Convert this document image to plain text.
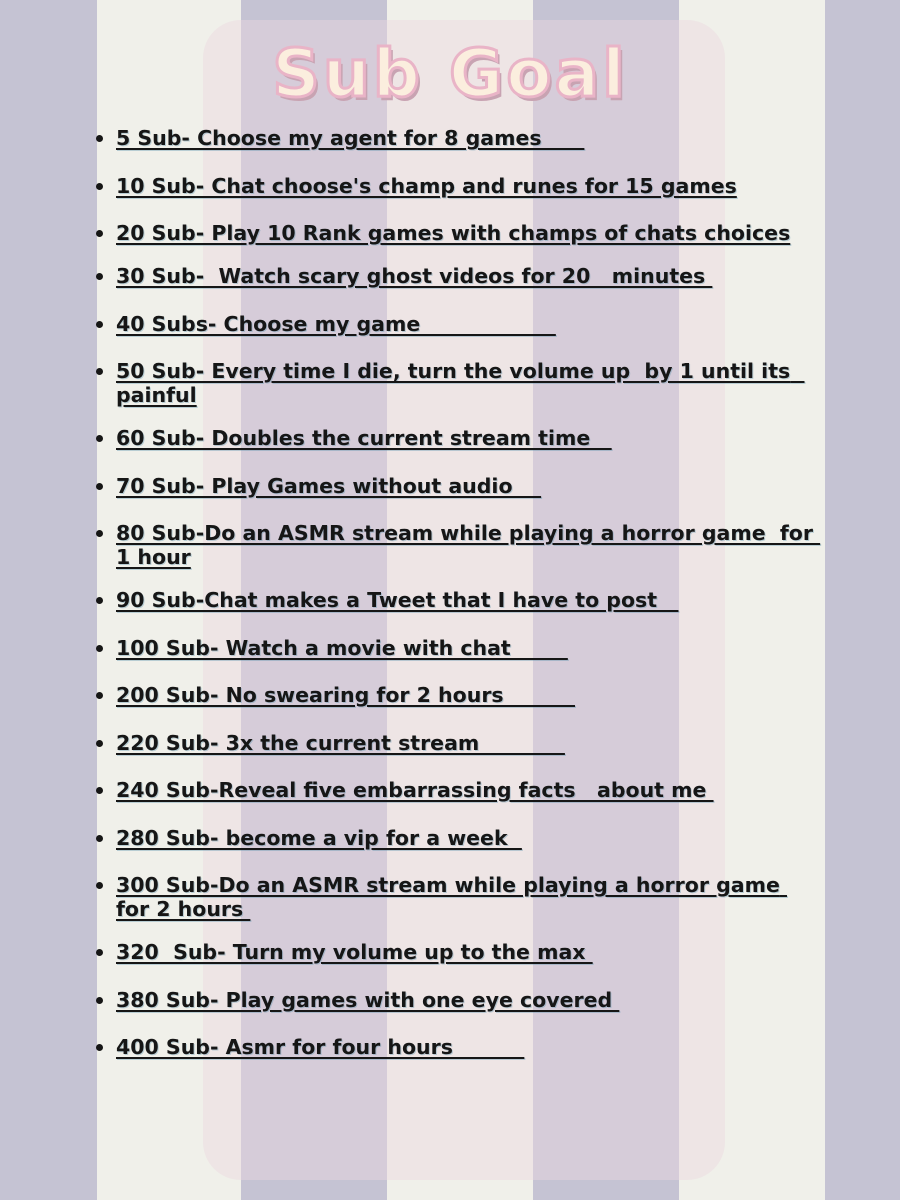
Sub Goal
5 Sub- Choose my agent for 8 games
10 Sub- Chat choose's champ and runes for 15 games
20 Sub- Play 10 Rank games with champs of chats choices
30 Sub-  Watch scary ghost videos for 20   minutes
40 Subs- Choose my game
50 Sub- Every time I die, turn the volume up  by 1 until its  painful
60 Sub- Doubles the current stream time
70 Sub- Play Games without audio
80 Sub-Do an ASMR stream while playing a horror game  for 1 hour
90 Sub-Chat makes a Tweet that I have to post
100 Sub- Watch a movie with chat
200 Sub- No swearing for 2 hours
220 Sub- 3x the current stream
240 Sub-Reveal five embarrassing facts   about me
280 Sub- become a vip for a week
300 Sub-Do an ASMR stream while playing a horror game for 2 hours
320  Sub- Turn my volume up to the max
380 Sub- Play games with one eye covered
400 Sub- Asmr for four hours
